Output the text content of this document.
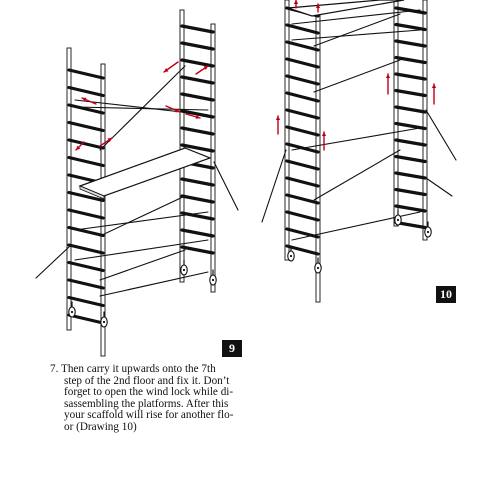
9
10
7. Then carry it upwards onto the 7th
step of the 2nd floor and fix it. Don’t
forget to open the wind lock while di-
sassembling the platforms. After this
your scaffold will rise for another flo-
or (Drawing 10)
